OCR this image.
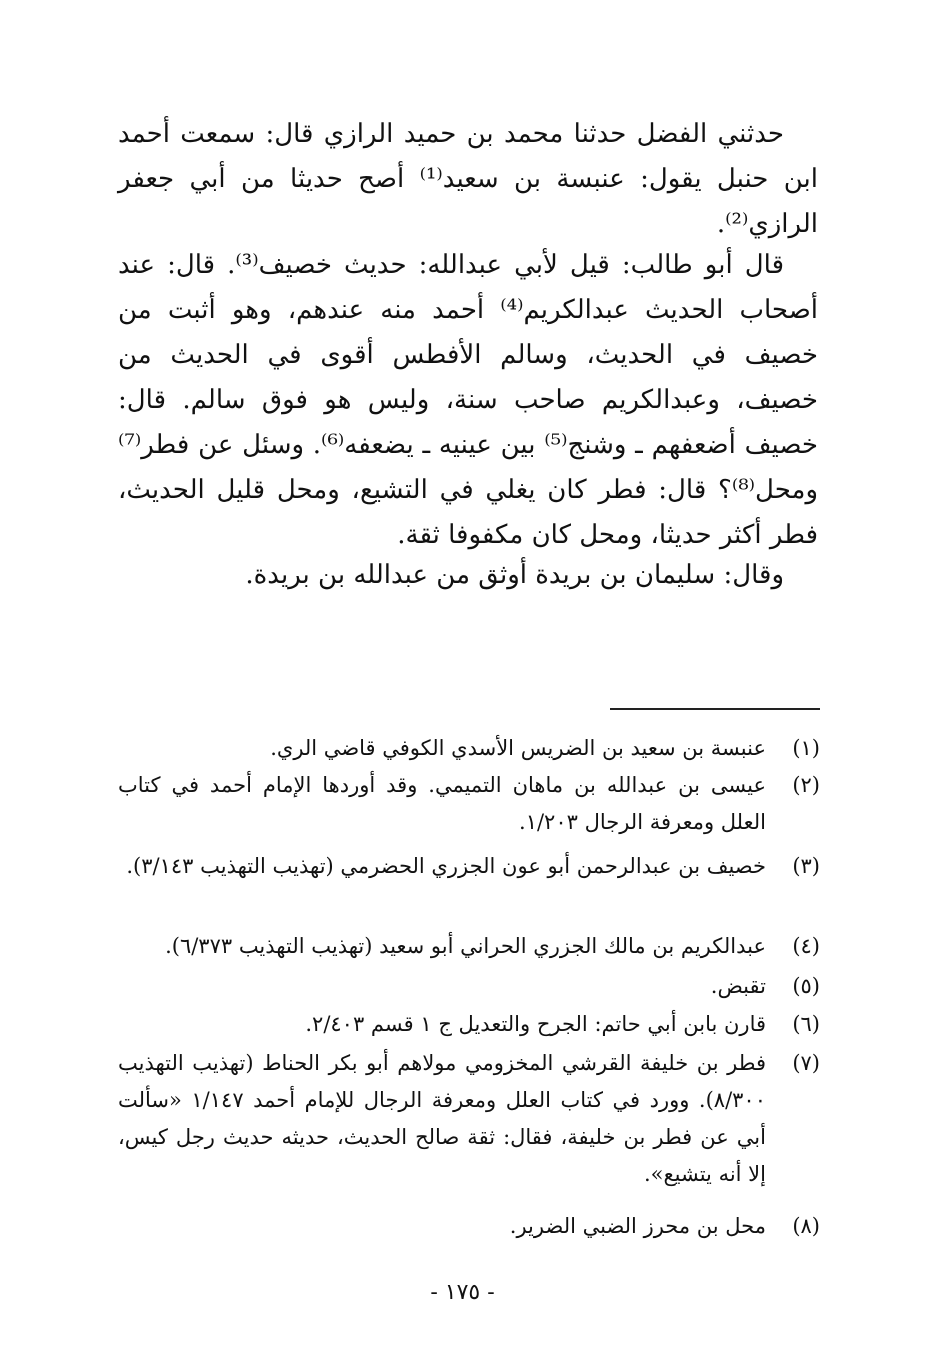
حدثني الفضل حدثنا محمد بن حميد الرازي قال: سمعت أحمد ابن حنبل يقول: عنبسة بن سعيد⁽¹⁾ أصح حديثا من أبي جعفر الرازي⁽²⁾.

قال أبو طالب: قيل لأبي عبدالله: حديث خصيف⁽³⁾. قال: عند أصحاب الحديث عبدالكريم⁽⁴⁾ أحمد منه عندهم، وهو أثبت من خصيف في الحديث، وسالم الأفطس أقوى في الحديث من خصيف، وعبدالكريم صاحب سنة، وليس هو فوق سالم. قال: خصيف أضعفهم ـ وشنج⁽⁵⁾ بين عينيه ـ يضعفه⁽⁶⁾. وسئل عن فطر⁽⁷⁾ومحل⁽⁸⁾؟ قال: فطر كان يغلي في التشيع، ومحل قليل الحديث، فطر أكثر حديثا، ومحل كان مكفوفا ثقة.

وقال: سليمان بن بريدة أوثق من عبدالله بن بريدة.

(١)
عنبسة بن سعيد بن الضريس الأسدي الكوفي قاضي الري.
(٢)
عيسى بن عبدالله بن ماهان التميمي. وقد أوردها الإمام أحمد في كتاب العلل ومعرفة الرجال ١/٢٠٣.
(٣)
خصيف بن عبدالرحمن أبو عون الجزري الحضرمي (تهذيب التهذيب ٣/١٤٣).
(٤)
عبدالكريم بن مالك الجزري الحراني أبو سعيد (تهذيب التهذيب ٦/٣٧٣).
(٥)
تقبض.
(٦)
قارن بابن أبي حاتم: الجرح والتعديل ج ١ قسم ٢/٤٠٣.
(٧)
فطر بن خليفة القرشي المخزومي مولاهم أبو بكر الحناط (تهذيب التهذيب ٨/٣٠٠). وورد في كتاب العلل ومعرفة الرجال للإمام أحمد ١/١٤٧ «سألت أبي عن فطر بن خليفة، فقال: ثقة صالح الحديث، حديثه حديث رجل كيس، إلا أنه يتشيع».
(٨)
محل بن محرز الضبي الضرير.
- ١٧٥ -
